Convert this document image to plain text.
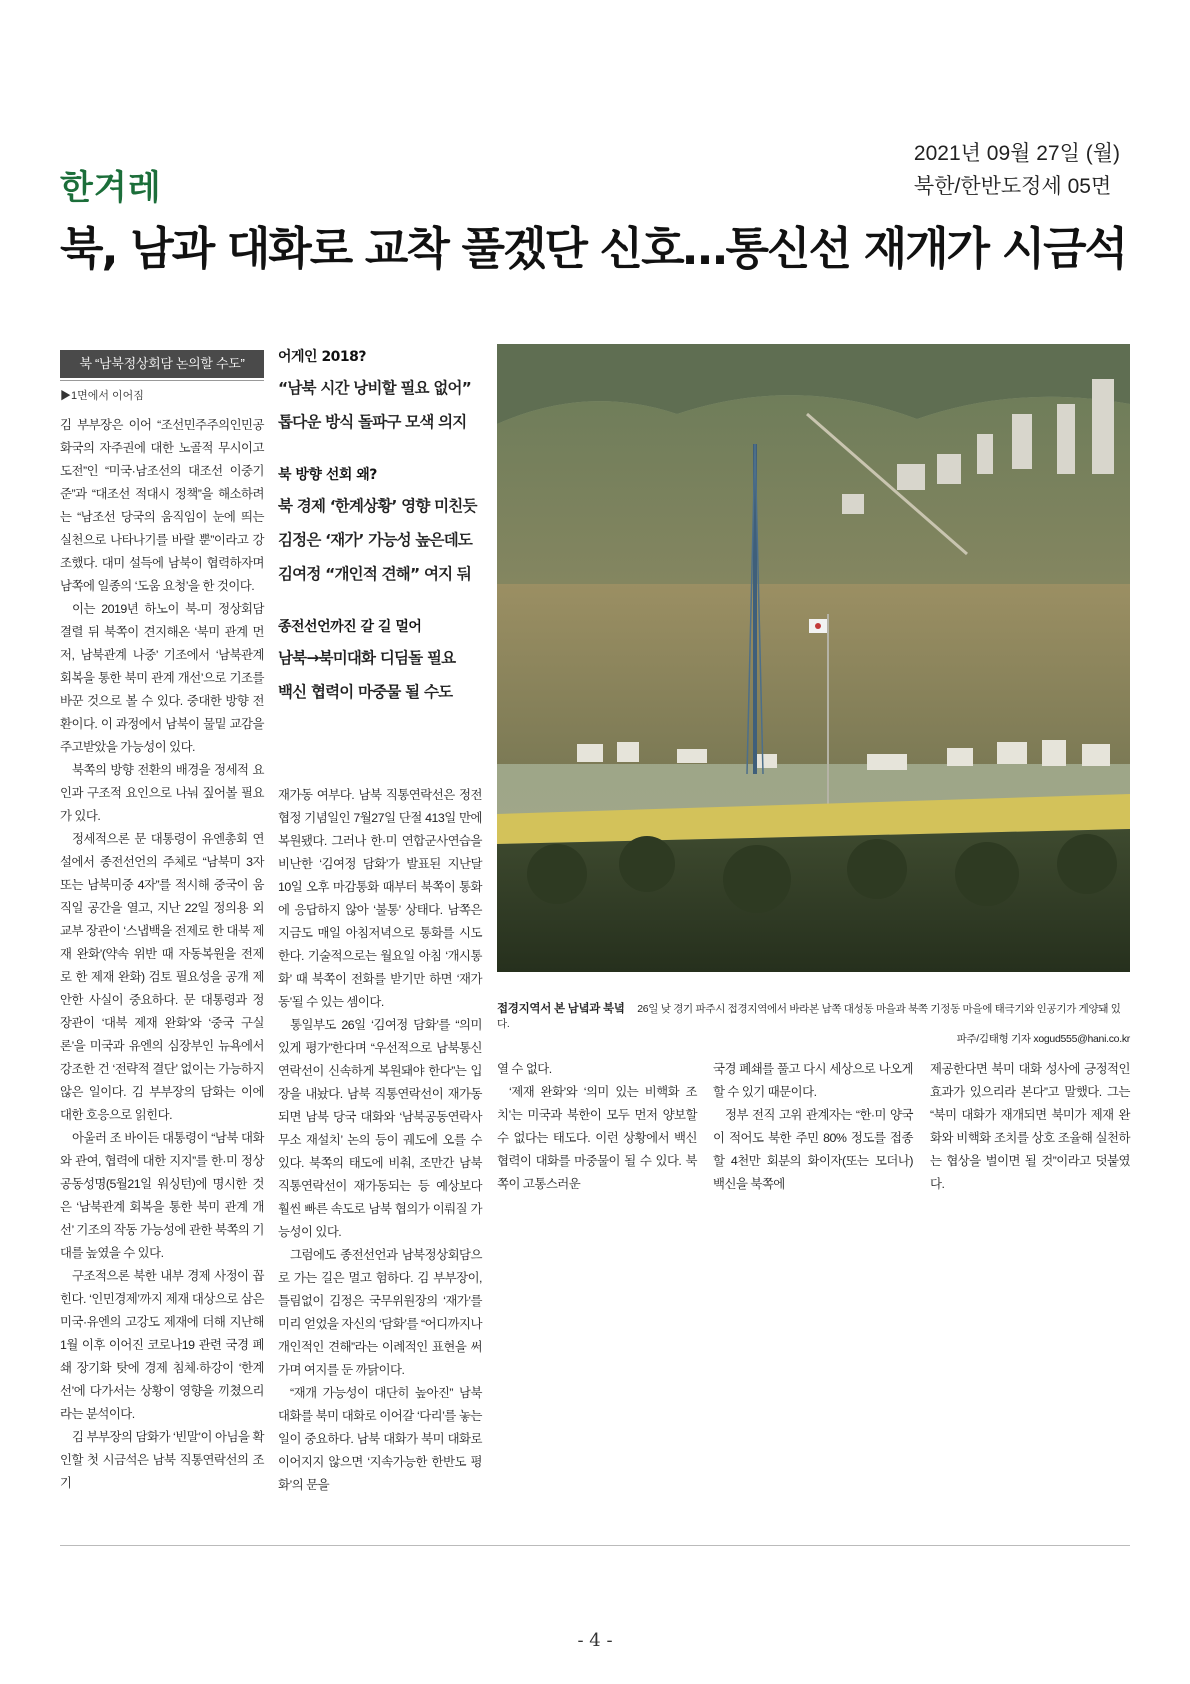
한겨레
2021년 09월 27일 (월)
북한/한반도정세 05면
북, 남과 대화로 교착 풀겠단 신호…통신선 재개가 시금석
북 “남북정상회담 논의할 수도”
▶1면에서 이어짐
어게인 2018?
“남북 시간 낭비할 필요 없어”
톱다운 방식 돌파구 모색 의지
북 방향 선회 왜?
북 경제 ‘한계상황’ 영향 미친듯
김정은 ‘재가’ 가능성 높은데도
김여정 “개인적 견해” 여지 둬
종전선언까진 갈 길 멀어
남북→북미대화 디딤돌 필요
백신 협력이 마중물 될 수도

김 부부장은 이어 “조선민주주의인민공화국의 자주권에 대한 노골적 무시이고 도전”인 “미국·남조선의 대조선 이중기준”과 “대조선 적대시 정책”을 해소하려는 “남조선 당국의 움직임이 눈에 띄는 실천으로 나타나기를 바랄 뿐”이라고 강조했다. 대미 설득에 남북이 협력하자며 남쪽에 일종의 ‘도움 요청’을 한 것이다.

이는 2019년 하노이 북-미 정상회담 결렬 뒤 북쪽이 견지해온 ‘북미 관계 먼저, 남북관계 나중’ 기조에서 ‘남북관계 회복을 통한 북미 관계 개선’으로 기조를 바꾼 것으로 볼 수 있다. 중대한 방향 전환이다. 이 과정에서 남북이 물밑 교감을 주고받았을 가능성이 있다.

북쪽의 방향 전환의 배경을 정세적 요인과 구조적 요인으로 나눠 짚어볼 필요가 있다.

정세적으론 문 대통령이 유엔총회 연설에서 종전선언의 주체로 “남북미 3자 또는 남북미중 4자”를 적시해 중국이 움직일 공간을 열고, 지난 22일 정의용 외교부 장관이 ‘스냅백을 전제로 한 대북 제재 완화’(약속 위반 때 자동복원을 전제로 한 제재 완화) 검토 필요성을 공개 제안한 사실이 중요하다. 문 대통령과 정 장관이 ‘대북 제재 완화’와 ‘중국 구실론’을 미국과 유엔의 심장부인 뉴욕에서 강조한 건 ‘전략적 결단’ 없이는 가능하지 않은 일이다. 김 부부장의 담화는 이에 대한 호응으로 읽힌다.

아울러 조 바이든 대통령이 “남북 대화와 관여, 협력에 대한 지지”를 한·미 정상 공동성명(5월21일 워싱턴)에 명시한 것은 ‘남북관계 회복을 통한 북미 관계 개선’ 기조의 작동 가능성에 관한 북쪽의 기대를 높였을 수 있다.

구조적으론 북한 내부 경제 사정이 꼽힌다. ‘인민경제’까지 제재 대상으로 삼은 미국·유엔의 고강도 제재에 더해 지난해 1월 이후 이어진 코로나19 관련 국경 폐쇄 장기화 탓에 경제 침체·하강이 ‘한계선’에 다가서는 상황이 영향을 끼쳤으리라는 분석이다.

김 부부장의 담화가 ‘빈말’이 아님을 확인할 첫 시금석은 남북 직통연락선의 조기

재가동 여부다. 남북 직통연락선은 정전협정 기념일인 7월27일 단절 413일 만에 복원됐다. 그러나 한·미 연합군사연습을 비난한 ‘김여정 담화’가 발표된 지난달 10일 오후 마감통화 때부터 북쪽이 통화에 응답하지 않아 ‘불통’ 상태다. 남쪽은 지금도 매일 아침저녁으로 통화를 시도한다. 기술적으로는 월요일 아침 ‘개시통화’ 때 북쪽이 전화를 받기만 하면 ‘재가동’될 수 있는 셈이다.

통일부도 26일 ‘김여정 담화’를 “의미 있게 평가”한다며 “우선적으로 남북통신연락선이 신속하게 복원돼야 한다”는 입장을 내놨다. 남북 직통연락선이 재가동되면 남북 당국 대화와 ‘남북공동연락사무소 재설치’ 논의 등이 궤도에 오를 수 있다. 북쪽의 태도에 비춰, 조만간 남북 직통연락선이 재가동되는 등 예상보다 훨씬 빠른 속도로 남북 협의가 이뤄질 가능성이 있다.

그럼에도 종전선언과 남북정상회담으로 가는 길은 멀고 험하다. 김 부부장이, 틀림없이 김정은 국무위원장의 ‘재가’를 미리 얻었을 자신의 ‘담화’를 “어디까지나 개인적인 견해”라는 이례적인 표현을 써가며 여지를 둔 까닭이다.

“재개 가능성이 대단히 높아진” 남북 대화를 북미 대화로 이어갈 ‘다리’를 놓는 일이 중요하다. 남북 대화가 북미 대화로 이어지지 않으면 ‘지속가능한 한반도 평화’의 문을

접경지역서 본 남녘과 북녘 26일 낮 경기 파주시 접경지역에서 바라본 남쪽 대성동 마을과 북쪽 기정동 마을에 태극기와 인공기가 게양돼 있다.
파주/김태형 기자 xogud555@hani.co.kr

열 수 없다.

‘제재 완화’와 ‘의미 있는 비핵화 조치’는 미국과 북한이 모두 먼저 양보할 수 없다는 태도다. 이런 상황에서 백신 협력이 대화를 마중물이 될 수 있다. 북쪽이 고통스러운

국경 폐쇄를 풀고 다시 세상으로 나오게 할 수 있기 때문이다.

정부 전직 고위 관계자는 “한·미 양국이 적어도 북한 주민 80% 정도를 접종할 4천만 회분의 화이자(또는 모더나) 백신을 북쪽에

제공한다면 북미 대화 성사에 긍정적인 효과가 있으리라 본다”고 말했다. 그는 “북미 대화가 재개되면 북미가 제재 완화와 비핵화 조치를 상호 조율해 실천하는 협상을 벌이면 될 것”이라고 덧붙였다.

- 4 -
